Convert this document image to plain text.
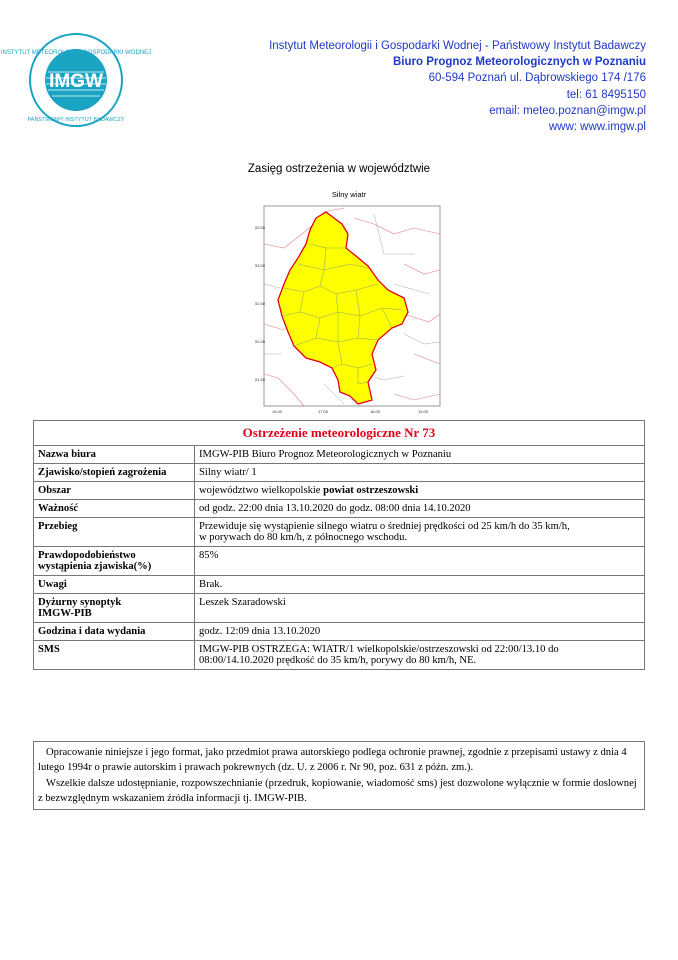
INSTYTUT METEOROLOGII I GOSPODARKI WODNEJ
PAŃSTWOWY INSTYTUT BADAWCZY
IMGW
Instytut Meteorologii i Gospodarki Wodnej - Państwowy Instytut Badawczy
Biuro Prognoz Meteorologicznych w Poznaniu
60-594 Poznań ul. Dąbrowskiego 174 /176
tel: 61 8495150
email: meteo.poznan@imgw.pl
www: www.imgw.pl
Zasięg ostrzeżenia w województwie
Silny wiatr
53.50
53.00
52.50
52.00
51.50
16.00	17.00	18.00	19.00
Ostrzeżenie meteorologiczne Nr 73	
Nazwa biura	IMGW-PIB Biuro Prognoz Meteorologicznych w Poznaniu
Zjawisko/stopień zagrożenia	Silny wiatr/ 1
Obszar	województwo wielkopolskie powiat ostrzeszowski
Ważność	od godz. 22:00 dnia 13.10.2020 do godz. 08:00 dnia 14.10.2020
Przebieg	Przewiduje się wystąpienie silnego wiatru o średniej prędkości od 25 km/h do 35 km/h,
w porywach do 80 km/h, z północnego wschodu.

Prawdopodobieństwo
wystąpienia zjawiska(%)	85%
Uwagi	Brak.

Dyżurny synoptyk
IMGW-PIB	Leszek Szaradowski
Godzina i data wydania	godz. 12:09 dnia 13.10.2020
SMS	IMGW-PIB OSTRZEGA: WIATR/1 wielkopolskie/ostrzeszowski od 22:00/13.10 do
08:00/14.10.2020 prędkość do 35 km/h, porywy do 80 km/h, NE.

Opracowanie niniejsze i jego format, jako przedmiot prawa autorskiego podlega ochronie prawnej, zgodnie z przepisami ustawy z dnia 4 lutego 1994r o prawie autorskim i prawach pokrewnych (dz. U. z 2006 r. Nr 90, poz. 631 z późn. zm.).

Wszelkie dalsze udostępnianie, rozpowszechnianie (przedruk, kopiowanie, wiadomość sms) jest dozwolone wyłącznie w formie doslownej z bezwzględnym wskazaniem źródła informacji tj. IMGW-PIB.
